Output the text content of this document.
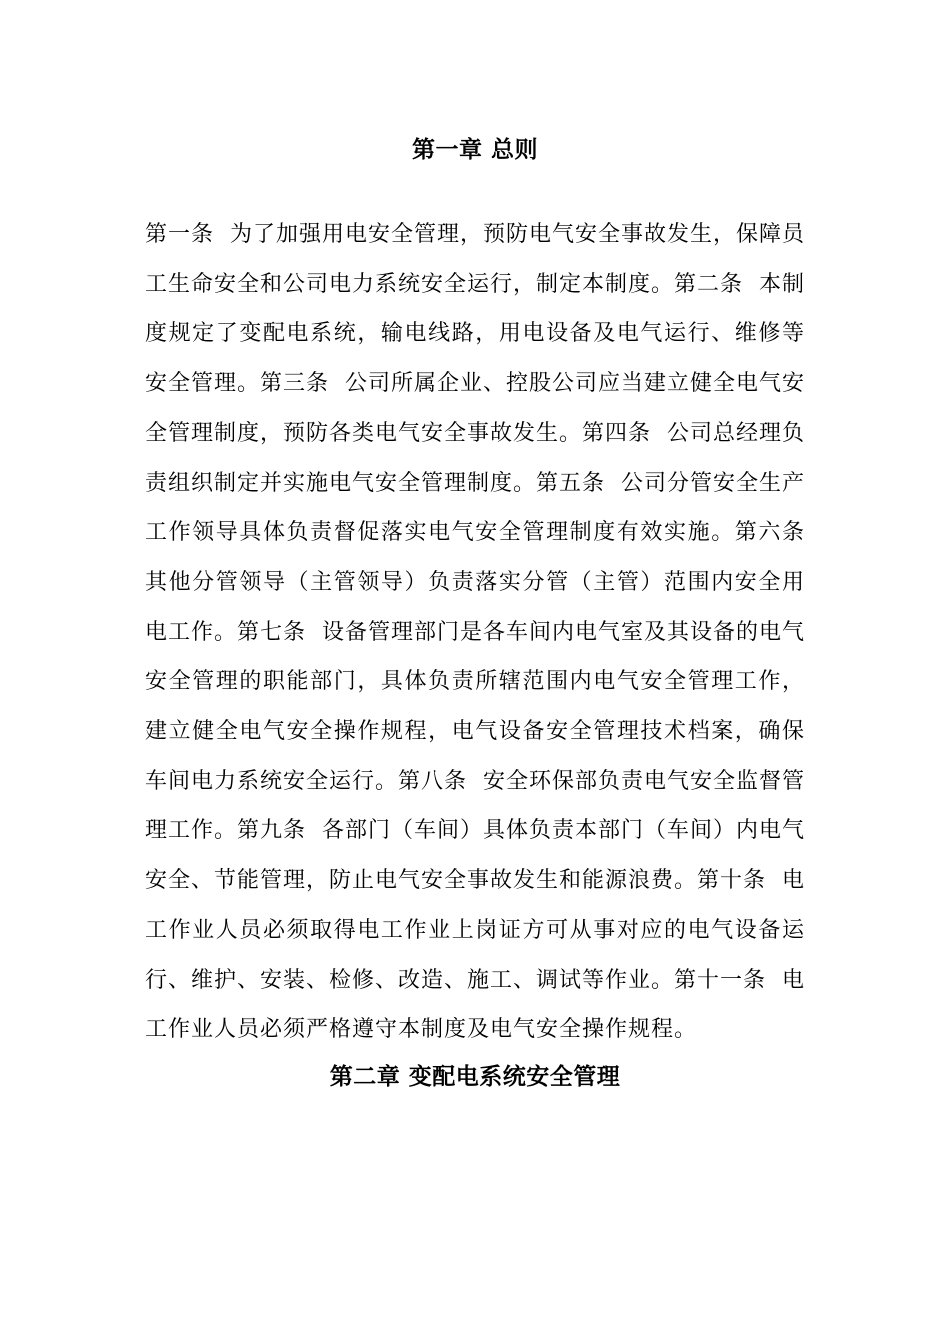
第一章 总则
第一条  为了加强用电安全管理，预防电气安全事故发生，保障员工生命安全和公司电力系统安全运行，制定本制度。第二条  本制度规定了变配电系统，输电线路，用电设备及电气运行、维修等安全管理。第三条  公司所属企业、控股公司应当建立健全电气安全管理制度，预防各类电气安全事故发生。第四条  公司总经理负责组织制定并实施电气安全管理制度。第五条  公司分管安全生产工作领导具体负责督促落实电气安全管理制度有效实施。第六条   其他分管领导（主管领导）负责落实分管（主管）范围内安全用电工作。第七条  设备管理部门是各车间内电气室及其设备的电气安全管理的职能部门，具体负责所辖范围内电气安全管理工作，建立健全电气安全操作规程，电气设备安全管理技术档案，确保车间电力系统安全运行。第八条  安全环保部负责电气安全监督管理工作。第九条  各部门（车间）具体负责本部门（车间）内电气安全、节能管理，防止电气安全事故发生和能源浪费。第十条  电工作业人员必须取得电工作业上岗证方可从事对应的电气设备运行、维护、安装、检修、改造、施工、调试等作业。第十一条  电工作业人员必须严格遵守本制度及电气安全操作规程。
第二章 变配电系统安全管理
